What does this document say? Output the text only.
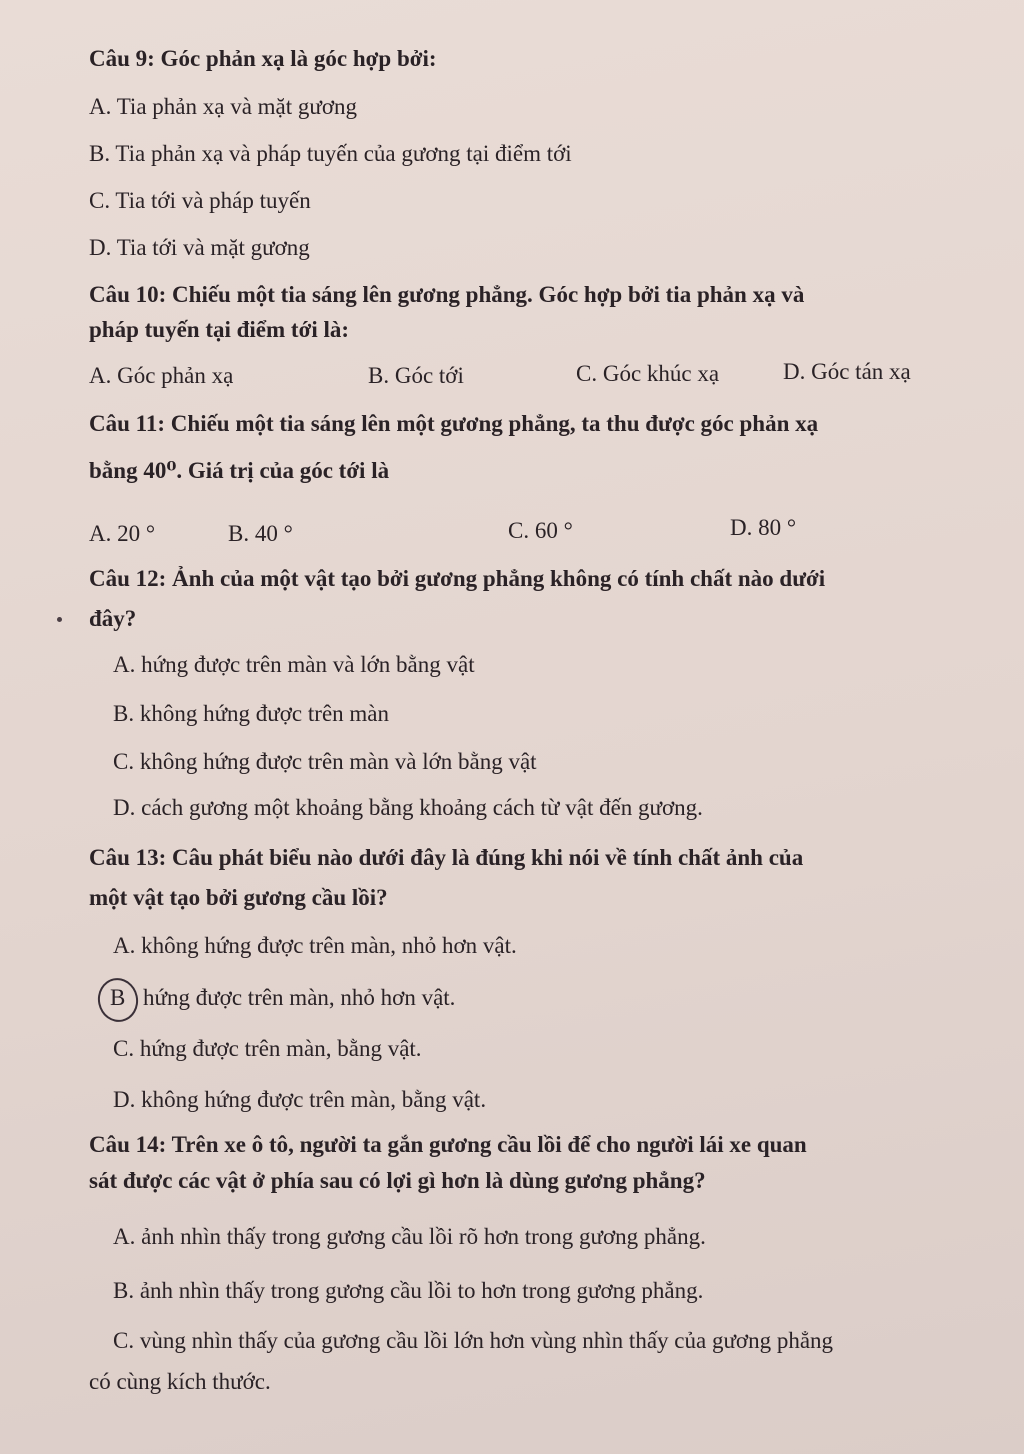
Câu 9: Góc phản xạ là góc hợp bởi:
A. Tia phản xạ và mặt gương
B. Tia phản xạ và pháp tuyến của gương tại điểm tới
C. Tia tới và pháp tuyến
D. Tia tới và mặt gương
Câu 10: Chiếu một tia sáng lên gương phẳng. Góc hợp bởi tia phản xạ và
pháp tuyến tại điểm tới là:
A. Góc phản xạ	B. Góc tới	C. Góc khúc xạ	D. Góc tán xạ
Câu 11: Chiếu một tia sáng lên một gương phẳng, ta thu được góc phản xạ
bằng 40⁰. Giá trị của góc tới là
A. 20 °	B. 40 °	C. 60 °	D. 80 °
Câu 12: Ảnh của một vật tạo bởi gương phẳng không có tính chất nào dưới
đây?
A. hứng được trên màn và lớn bằng vật
B. không hứng được trên màn
C. không hứng được trên màn và lớn bằng vật
D. cách gương một khoảng bằng khoảng cách từ vật đến gương.
Câu 13: Câu phát biểu nào dưới đây là đúng khi nói về tính chất ảnh của
một vật tạo bởi gương cầu lồi?
A. không hứng được trên màn, nhỏ hơn vật.
B hứng được trên màn, nhỏ hơn vật.
C. hứng được trên màn, bằng vật.
D. không hứng được trên màn, bằng vật.
Câu 14: Trên xe ô tô, người ta gắn gương cầu lồi để cho người lái xe quan
sát được các vật ở phía sau có lợi gì hơn là dùng gương phẳng?
A. ảnh nhìn thấy trong gương cầu lồi rõ hơn trong gương phẳng.
B. ảnh nhìn thấy trong gương cầu lồi to hơn trong gương phẳng.
C. vùng nhìn thấy của gương cầu lồi lớn hơn vùng nhìn thấy của gương phẳng
có cùng kích thước.
